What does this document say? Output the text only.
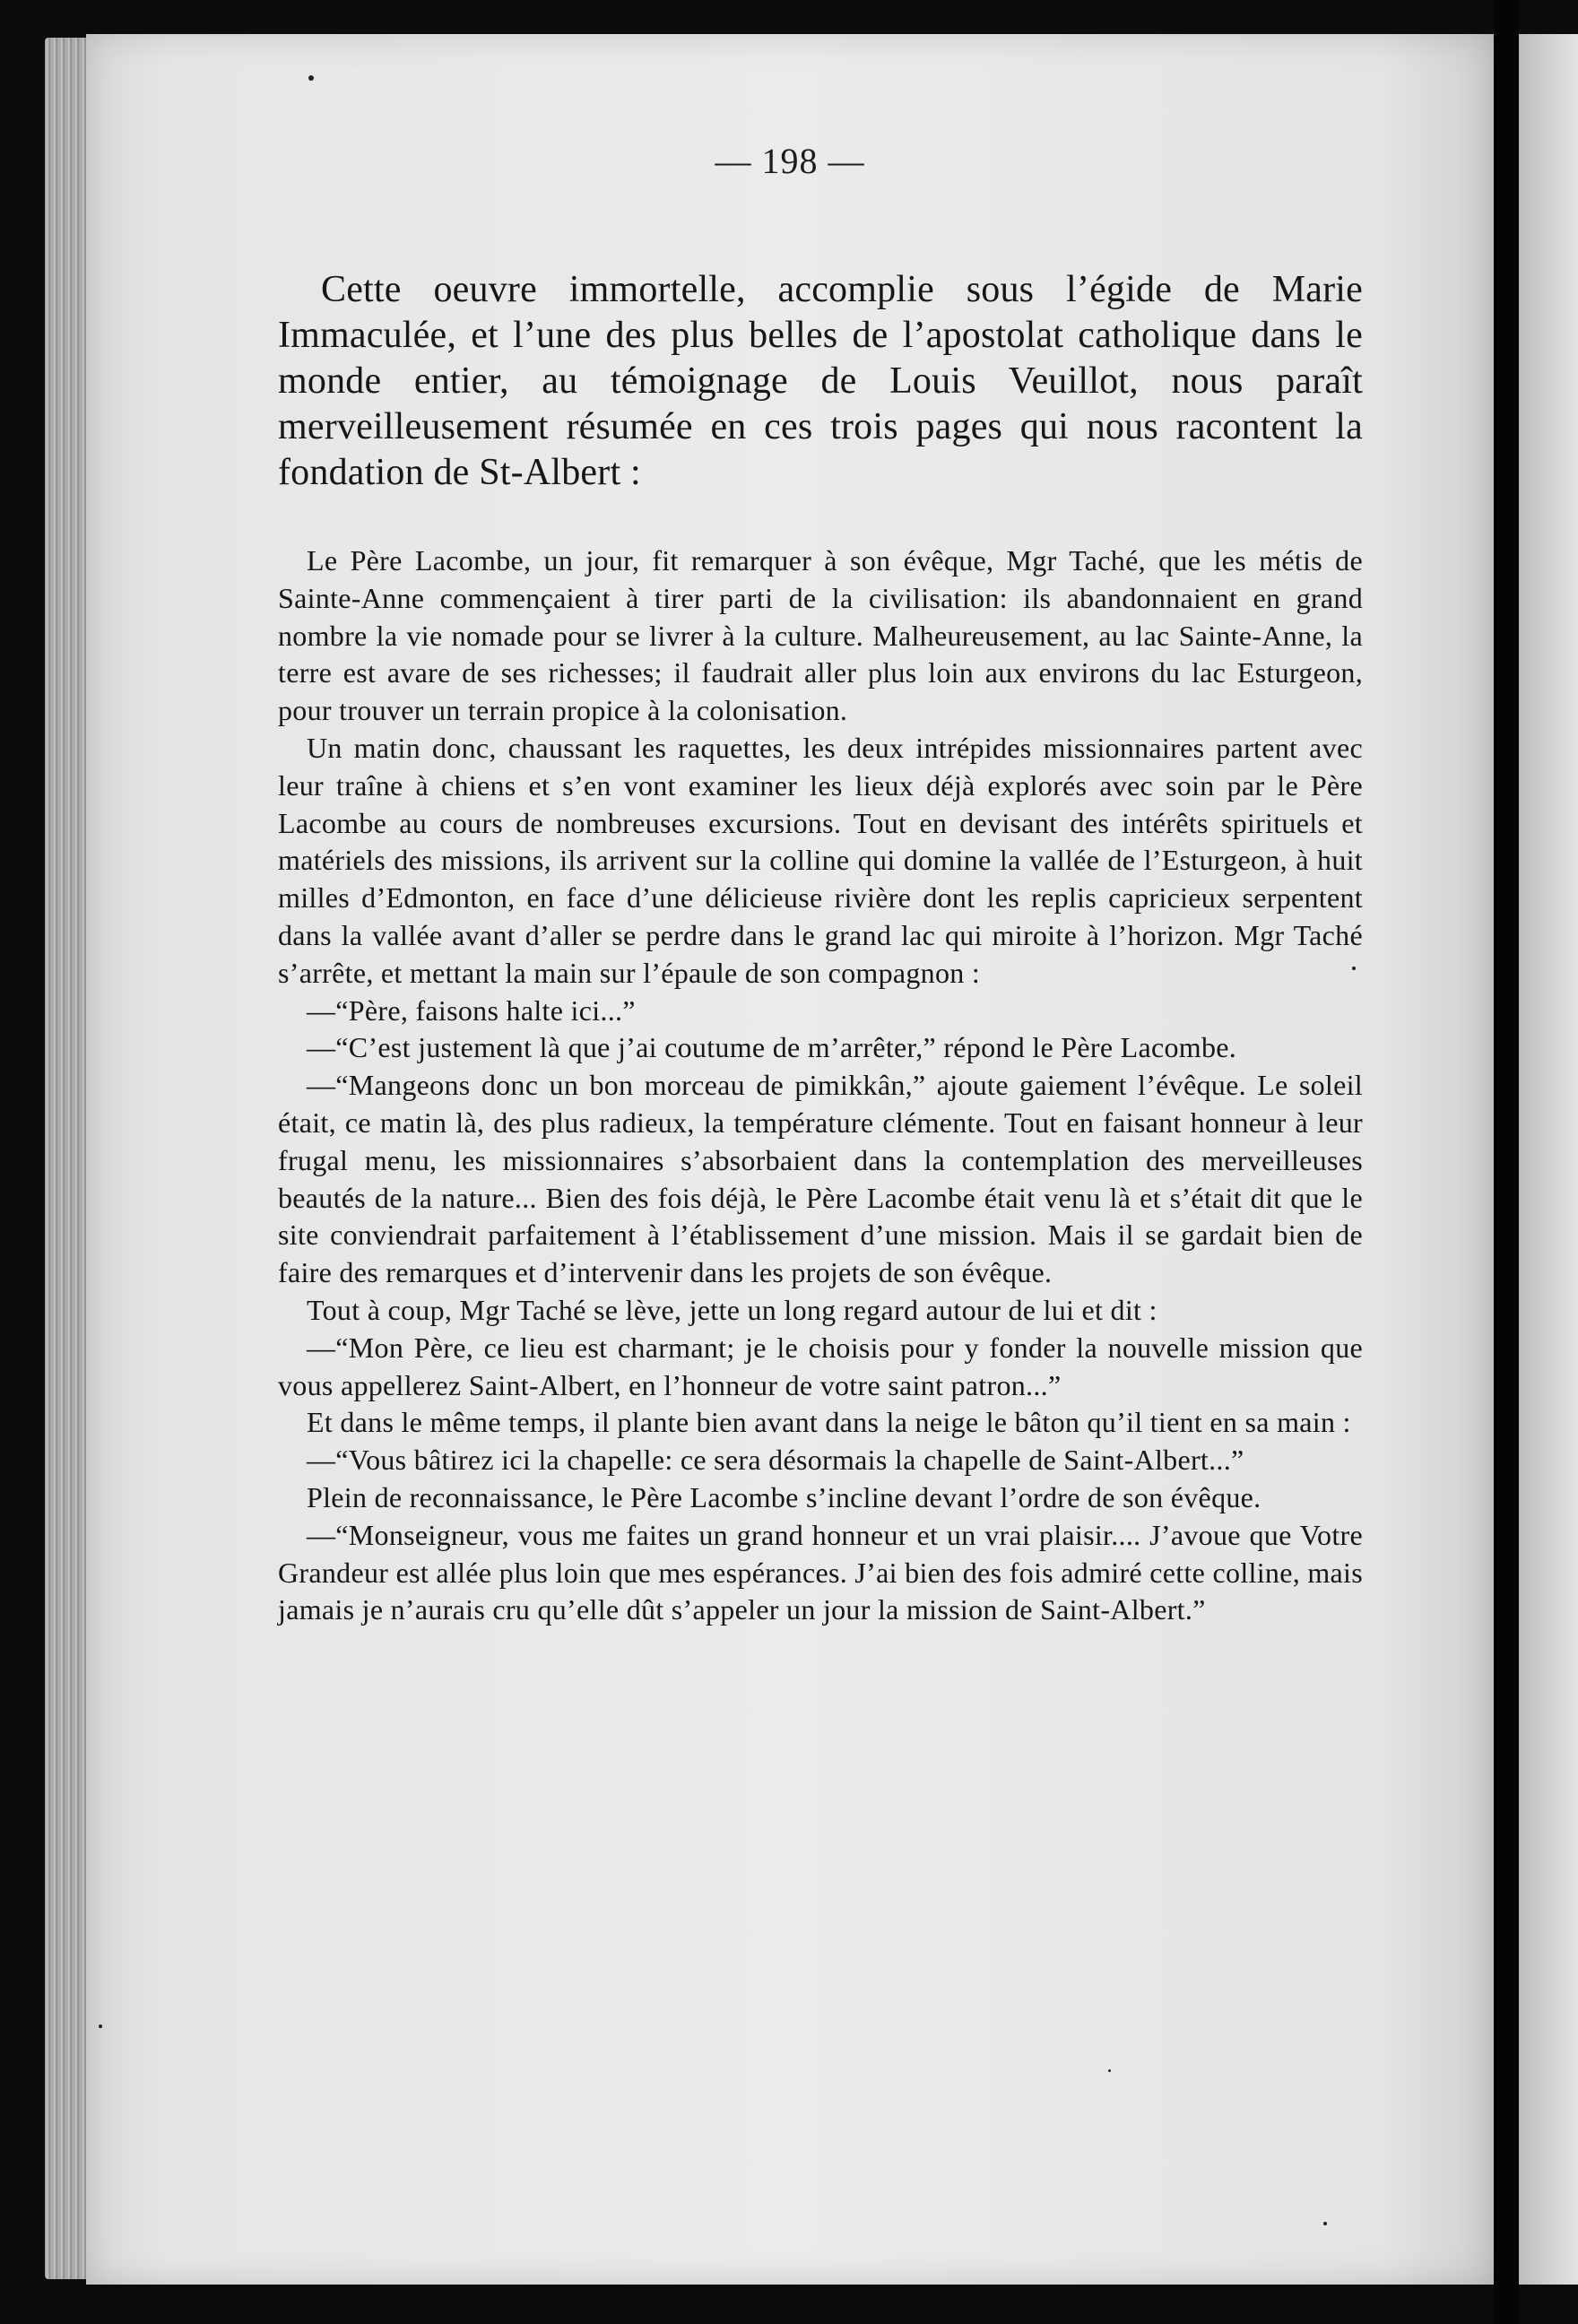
— 198 —

Cette oeuvre immortelle, accomplie sous l’égide de Marie Immaculée, et l’une des plus belles de l’apostolat catholique dans le monde entier, au témoignage de Louis Veuillot, nous paraît merveilleusement résumée en ces trois pages qui nous racontent la fondation de St-Albert :

Le Père Lacombe, un jour, fit remarquer à son évêque, Mgr Taché, que les métis de Sainte-Anne commençaient à tirer parti de la civilisation: ils abandonnaient en grand nombre la vie nomade pour se livrer à la culture. Malheureusement, au lac Sainte-Anne, la terre est avare de ses richesses; il faudrait aller plus loin aux environs du lac Esturgeon, pour trouver un terrain propice à la colonisation.

Un matin donc, chaussant les raquettes, les deux intrépides missionnaires partent avec leur traîne à chiens et s’en vont examiner les lieux déjà explorés avec soin par le Père Lacombe au cours de nombreuses excursions. Tout en devisant des intérêts spirituels et matériels des missions, ils arrivent sur la colline qui domine la vallée de l’Esturgeon, à huit milles d’Edmonton, en face d’une délicieuse rivière dont les replis capricieux serpentent dans la vallée avant d’aller se perdre dans le grand lac qui miroite à l’horizon. Mgr Taché s’arrête, et mettant la main sur l’épaule de son compagnon :

—“Père, faisons halte ici...”

—“C’est justement là que j’ai coutume de m’arrêter,” répond le Père Lacombe.

—“Mangeons donc un bon morceau de pimikkân,” ajoute gaiement l’évêque. Le soleil était, ce matin là, des plus radieux, la température clémente. Tout en faisant honneur à leur frugal menu, les missionnaires s’absorbaient dans la contemplation des merveilleuses beautés de la nature... Bien des fois déjà, le Père Lacombe était venu là et s’était dit que le site conviendrait parfaitement à l’établissement d’une mission. Mais il se gardait bien de faire des remarques et d’intervenir dans les projets de son évêque.

Tout à coup, Mgr Taché se lève, jette un long regard autour de lui et dit :

—“Mon Père, ce lieu est charmant; je le choisis pour y fonder la nouvelle mission que vous appellerez Saint-Albert, en l’honneur de votre saint patron...”

Et dans le même temps, il plante bien avant dans la neige le bâton qu’il tient en sa main :

—“Vous bâtirez ici la chapelle: ce sera désormais la chapelle de Saint-Albert...”

Plein de reconnaissance, le Père Lacombe s’incline devant l’ordre de son évêque.

—“Monseigneur, vous me faites un grand honneur et un vrai plaisir.... J’avoue que Votre Grandeur est allée plus loin que mes espérances. J’ai bien des fois admiré cette colline, mais jamais je n’aurais cru qu’elle dût s’appeler un jour la mission de Saint-Albert.”
